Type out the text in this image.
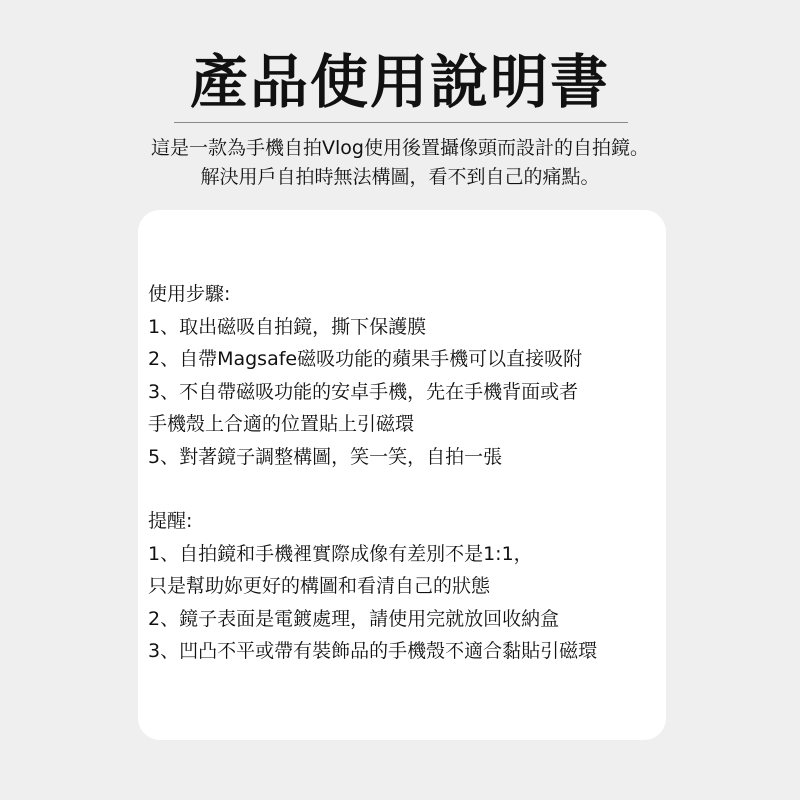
產品使用說明書
這是一款為手機自拍Vlog使用後置攝像頭而設計的自拍鏡。
解決用戶自拍時無法構圖，看不到自己的痛點。
使用步驟:
1、取出磁吸自拍鏡，撕下保護膜
2、自帶Magsafe磁吸功能的蘋果手機可以直接吸附
3、不自帶磁吸功能的安卓手機，先在手機背面或者
手機殼上合適的位置貼上引磁環
5、對著鏡子調整構圖，笑一笑，自拍一張
提醒:
1、自拍鏡和手機裡實際成像有差別不是1:1，
只是幫助妳更好的構圖和看清自己的狀態
2、鏡子表面是電鍍處理，請使用完就放回收納盒
3、凹凸不平或帶有裝飾品的手機殼不適合黏貼引磁環
